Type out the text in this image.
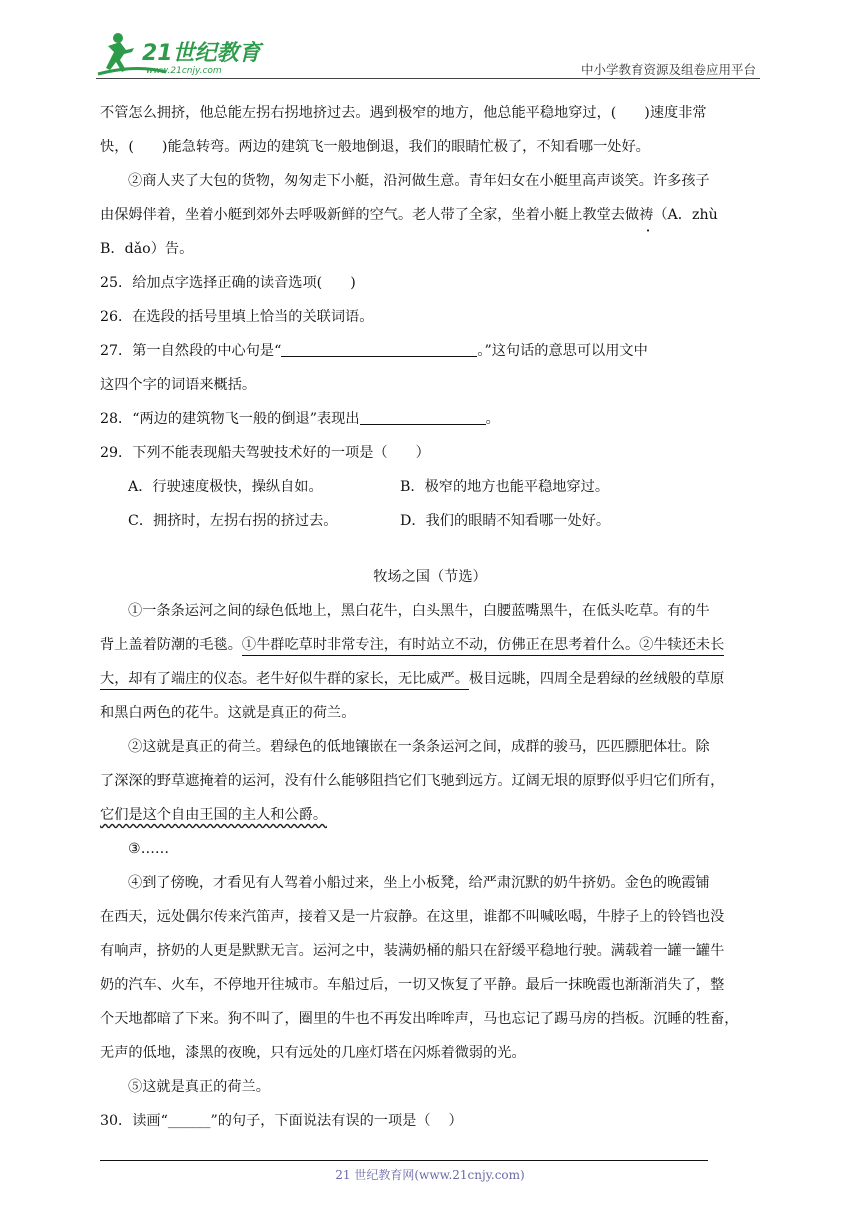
21世纪教育
www.21cnjy.com	中小学教育资源及组卷应用平台
不管怎么拥挤，他总能左拐右拐地挤过去。遇到极窄的地方，他总能平稳地穿过，( )速度非常
快，( )能急转弯。两边的建筑飞一般地倒退，我们的眼睛忙极了，不知看哪一处好。
②商人夹了大包的货物，匆匆走下小艇，沿河做生意。青年妇女在小艇里高声谈笑。许多孩子
由保姆伴着，坐着小艇到郊外去呼吸新鲜的空气。老人带了全家，坐着小艇上教堂去做祷（A．zhù
B．dǎo）告。
25．给加点字选择正确的读音选项( )
26．在选段的括号里填上恰当的关联词语。
27．第一自然段的中心句是“	。”这句话的意思可以用文中
这四个字的词语来概括。
28．“两边的建筑物飞一般的倒退”表现出	。
29．下列不能表现船夫驾驶技术好的一项是（ ）
A．行驶速度极快，操纵自如。	B．极窄的地方也能平稳地穿过。
C．拥挤时，左拐右拐的挤过去。	D．我们的眼睛不知看哪一处好。
牧场之国（节选）
①一条条运河之间的绿色低地上，黑白花牛，白头黑牛，白腰蓝嘴黑牛，在低头吃草。有的牛
背上盖着防潮的毛毯。①牛群吃草时非常专注，有时站立不动，仿佛正在思考着什么。②牛犊还未长
大，却有了端庄的仪态。老牛好似牛群的家长，无比威严。极目远眺，四周全是碧绿的丝绒般的草原
和黑白两色的花牛。这就是真正的荷兰。
②这就是真正的荷兰。碧绿色的低地镶嵌在一条条运河之间，成群的骏马，匹匹膘肥体壮。除
了深深的野草遮掩着的运河，没有什么能够阻挡它们飞驰到远方。辽阔无垠的原野似乎归它们所有，
它们是这个自由王国的主人和公爵。
③……
④到了傍晚，才看见有人驾着小船过来，坐上小板凳，给严肃沉默的奶牛挤奶。金色的晚霞铺
在西天，远处偶尔传来汽笛声，接着又是一片寂静。在这里，谁都不叫喊吆喝，牛脖子上的铃铛也没
有响声，挤奶的人更是默默无言。运河之中，装满奶桶的船只在舒缓平稳地行驶。满载着一罐一罐牛
奶的汽车、火车，不停地开往城市。车船过后，一切又恢复了平静。最后一抹晚霞也渐渐消失了，整
个天地都暗了下来。狗不叫了，圈里的牛也不再发出哞哞声，马也忘记了踢马房的挡板。沉睡的牲畜，
无声的低地，漆黑的夜晚，只有远处的几座灯塔在闪烁着微弱的光。
⑤这就是真正的荷兰。
30．读画“______”的句子，下面说法有误的一项是（ ）
21 世纪教育网(www.21cnjy.com)
